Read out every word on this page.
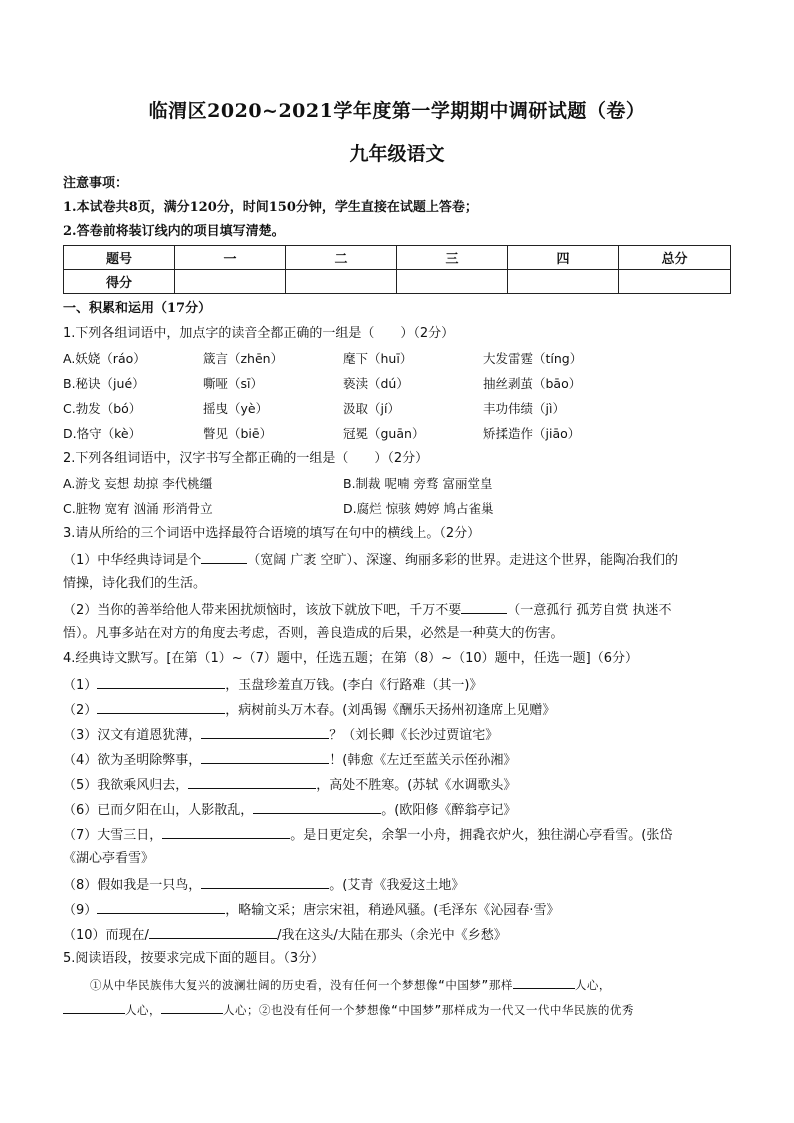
临渭区2020~2021学年度第一学期期中调研试题（卷）
九年级语文
注意事项：
1.本试卷共8页，满分120分，时间150分钟，学生直接在试题上答卷；
2.答卷前将装订线内的项目填写清楚。
题号	一	二	三	四	总分
得分					
一、积累和运用（17分）
1.下列各组词语中，加点字的读音全都正确的一组是（　　）（2分）
A.妖娆（ráo）	箴言（zhēn）	麾下（huī）	大发雷霆（tíng）
B.秘诀（jué）	嘶哑（sī）	亵渎（dú）	抽丝剥茧（bāo）
C.勃发（bó）	摇曳（yè）	汲取（jí）	丰功伟绩（jì）
D.恪守（kè）	瞥见（biē）	冠冕（guān）	矫揉造作（jiāo）
2.下列各组词语中，汉字书写全都正确的一组是（　　）（2分）
A.游戈 妄想 劫掠 李代桃缰	B.制裁 呢喃 旁骛 富丽堂皇
C.脏物 宽宥 汹涌 形消骨立	D.腐烂 惊骇 娉婷 鸠占雀巢
3.请从所给的三个词语中选择最符合语境的填写在句中的横线上。（2分）
（1）中华经典诗词是个	（宽阔 广袤 空旷）、深邃、绚丽多彩的世界。走进这个世界，能陶冶我们的
情操，诗化我们的生活。
（2）当你的善举给他人带来困扰烦恼时，该放下就放下吧，千万不要	（一意孤行 孤芳自赏 执迷不
悟）。凡事多站在对方的角度去考虑，否则，善良造成的后果，必然是一种莫大的伤害。
4.经典诗文默写。[在第（1）~（7）题中，任选五题；在第（8）~（10）题中，任选一题]（6分）
（1）	，玉盘珍羞直万钱。(李白《行路难（其一)》
（2）	，病树前头万木春。(刘禹锡《酬乐天扬州初逢席上见赠》
（3）汉文有道恩犹薄，	？（刘长卿《长沙过贾谊宅》
（4）欲为圣明除弊事，	！(韩愈《左迁至蓝关示侄孙湘》
（5）我欲乘风归去，	，高处不胜寒。(苏轼《水调歌头》
（6）已而夕阳在山，人影散乱，	。(欧阳修《醉翁亭记》
（7）大雪三日，	。是日更定矣，余挐一小舟，拥毳衣炉火，独往湖心亭看雪。(张岱
《湖心亭看雪》
（8）假如我是一只鸟，	。(艾青《我爱这土地》
（9）	，略输文采；唐宗宋祖，稍逊风骚。(毛泽东《沁园春·雪》
（10）而现在/	/我在这头/大陆在那头（余光中《乡愁》
5.阅读语段，按要求完成下面的题目。（3分）
①从中华民族伟大复兴的波澜壮阔的历史看，没有任何一个梦想像“中国梦”那样	人心，
人心，	人心；②也没有任何一个梦想像“中国梦”那样成为一代又一代中华民族的优秀
